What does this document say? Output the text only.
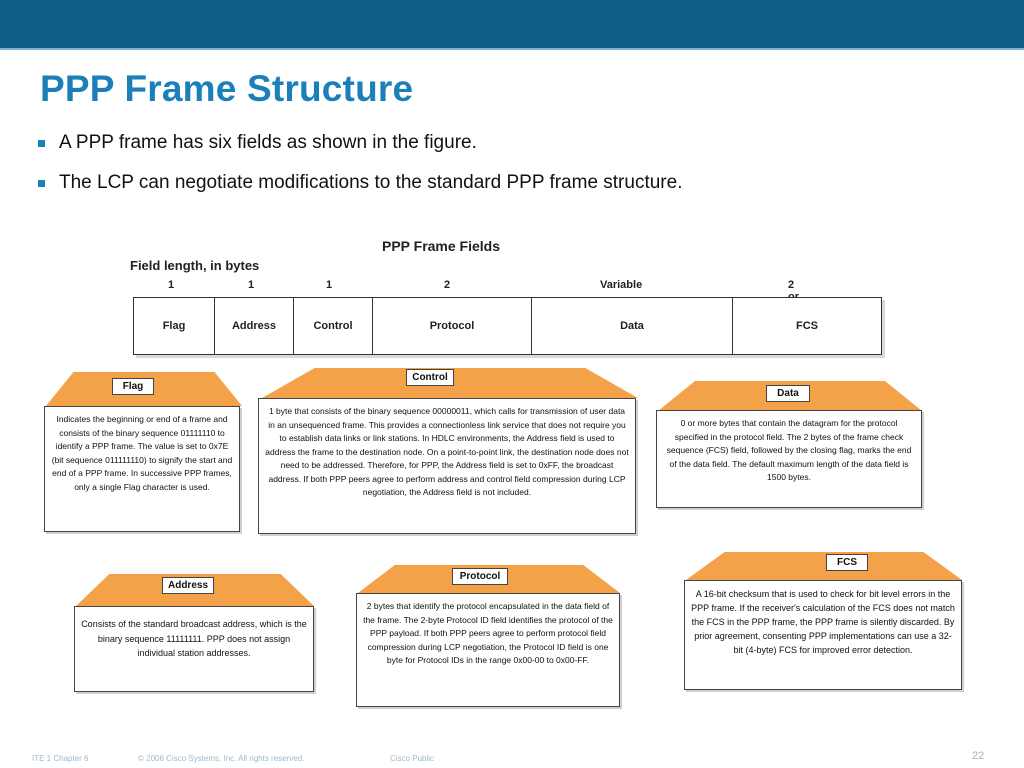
PPP Frame Structure
A PPP frame has six fields as shown in the figure.
The LCP can negotiate modifications to the standard PPP frame structure.
PPP Frame Fields
Field length, in bytes
1	1	1	2	Variable	2
Flag	Address	Control	Protocol	Data	FCS
Flag
Indicates the beginning or end of a frame and consists of the binary sequence 01111110 to identify a PPP frame. The value is set to 0x7E (bit sequence 011111110) to signify the start and end of a PPP frame. In successive PPP frames, only a single Flag character is used.
Control
1 byte that consists of the binary sequence 00000011, which calls for transmission of user data in an unsequenced frame. This provides a connectionless link service that does not require you to establish data links or link stations. In HDLC environments, the Address field is used to address the frame to the destination node. On a point-to-point link, the destination node does not need to be addressed. Therefore, for PPP, the Address field is set to 0xFF, the broadcast address. If both PPP peers agree to perform address and control field compression during LCP negotiation, the Address field is not included.
Data
0 or more bytes that contain the datagram for the protocol specified in the protocol field. The 2 bytes of the frame check sequence (FCS) field, followed by the closing flag, marks the end of the data field. The default maximum length of the data field is 1500 bytes.
Address
Consists of the standard broadcast address, which is the binary sequence 11111111. PPP does not assign individual station addresses.
Protocol
2 bytes that identify the protocol encapsulated in the data field of the frame. The 2-byte Protocol ID field identifies the protocol of the PPP payload. If both PPP peers agree to perform protocol field compression during LCP negotiation, the Protocol ID field is one byte for Protocol IDs in the range 0x00-00 to 0x00-FF.
FCS
A 16-bit checksum that is used to check for bit level errors in the PPP frame. If the receiver's calculation of the FCS does not match the FCS in the PPP frame, the PPP frame is silently discarded. By prior agreement, consenting PPP implementations can use a 32-bit (4-byte) FCS for improved error detection.
ITE 1 Chapter 6	© 2006 Cisco Systems, Inc. All rights reserved.	Cisco Public	22
